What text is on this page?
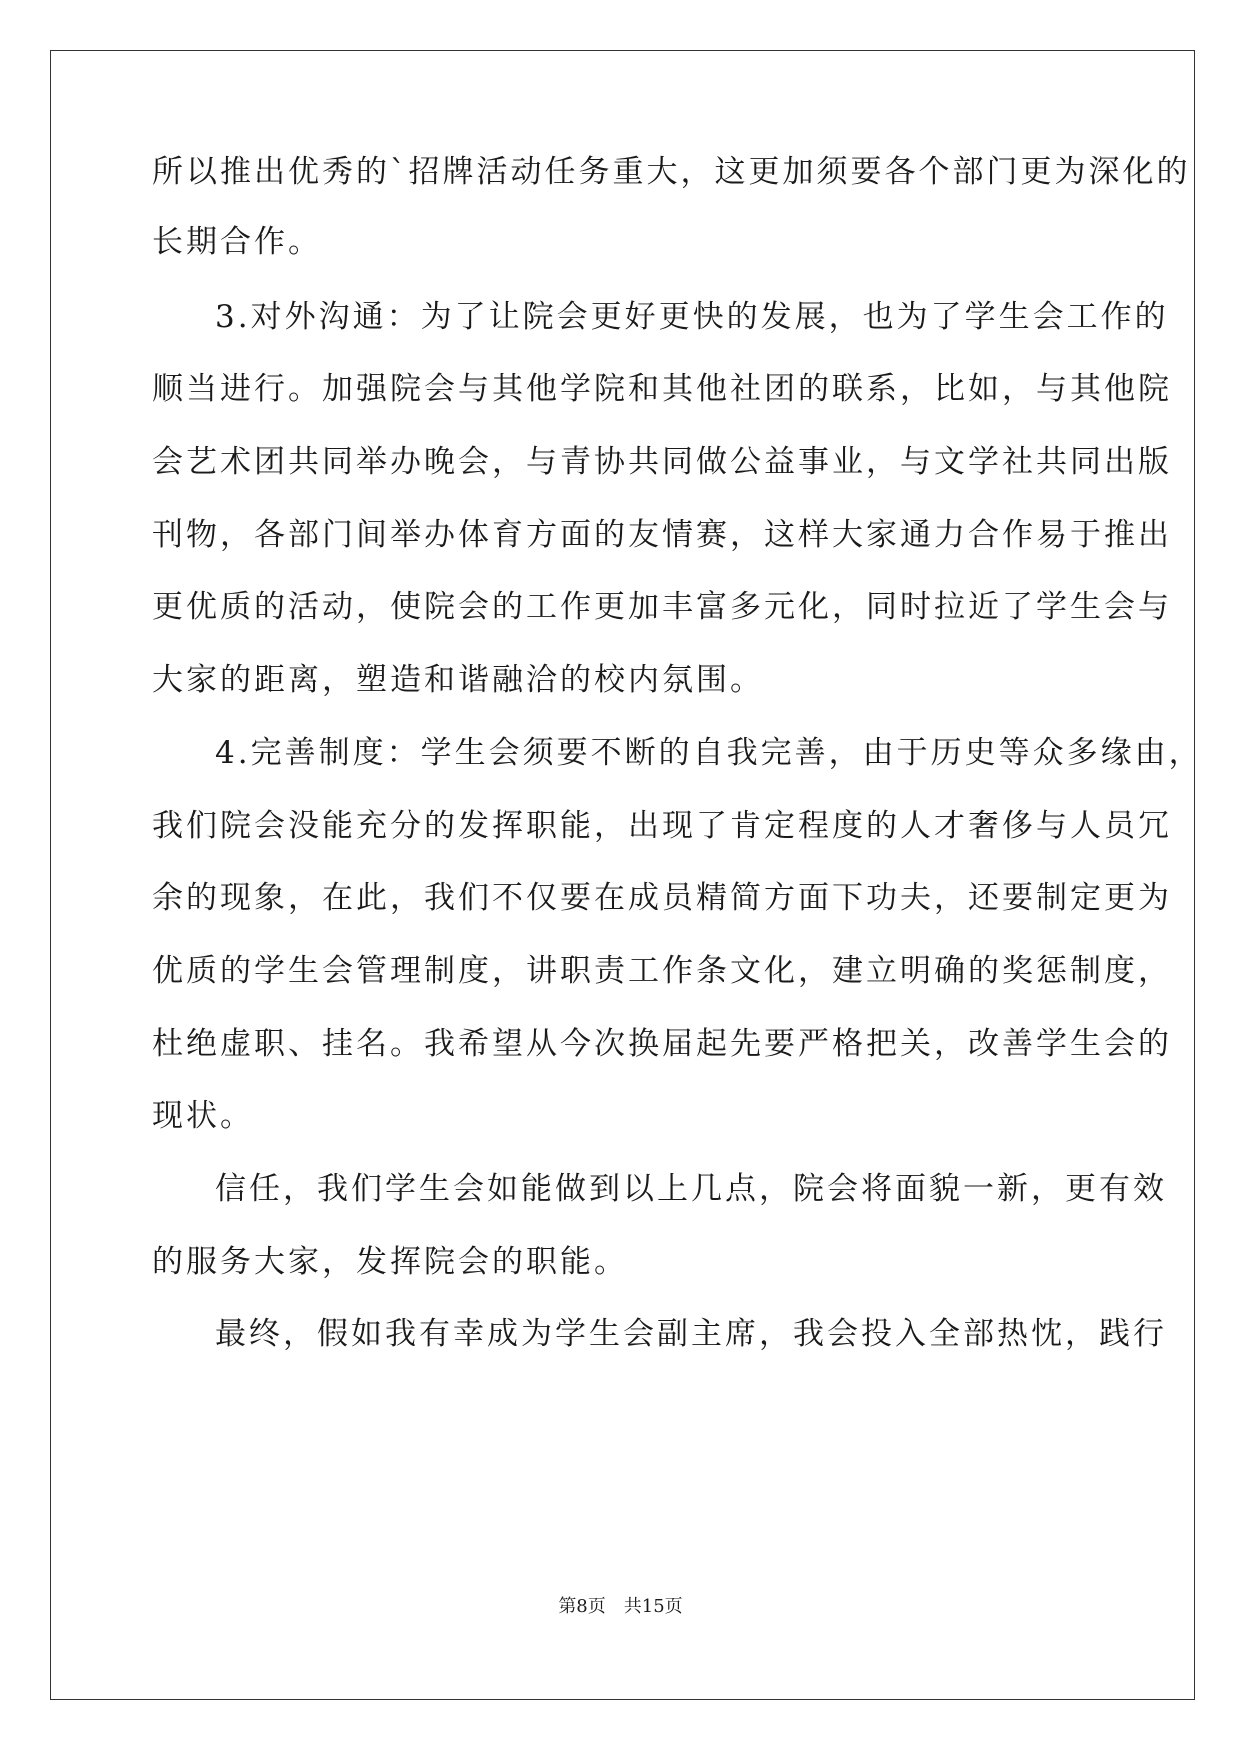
所以推出优秀的`招牌活动任务重大，这更加须要各个部门更为深化的
长期合作。
3.对外沟通：为了让院会更好更快的发展，也为了学生会工作的
顺当进行。加强院会与其他学院和其他社团的联系，比如，与其他院
会艺术团共同举办晚会，与青协共同做公益事业，与文学社共同出版
刊物，各部门间举办体育方面的友情赛，这样大家通力合作易于推出
更优质的活动，使院会的工作更加丰富多元化，同时拉近了学生会与
大家的距离，塑造和谐融洽的校内氛围。
4.完善制度：学生会须要不断的自我完善，由于历史等众多缘由，
我们院会没能充分的发挥职能，出现了肯定程度的人才奢侈与人员冗
余的现象，在此，我们不仅要在成员精简方面下功夫，还要制定更为
优质的学生会管理制度，讲职责工作条文化，建立明确的奖惩制度，
杜绝虚职、挂名。我希望从今次换届起先要严格把关，改善学生会的
现状。
信任，我们学生会如能做到以上几点，院会将面貌一新，更有效
的服务大家，发挥院会的职能。
最终，假如我有幸成为学生会副主席，我会投入全部热忱，践行
第8页 共15页
